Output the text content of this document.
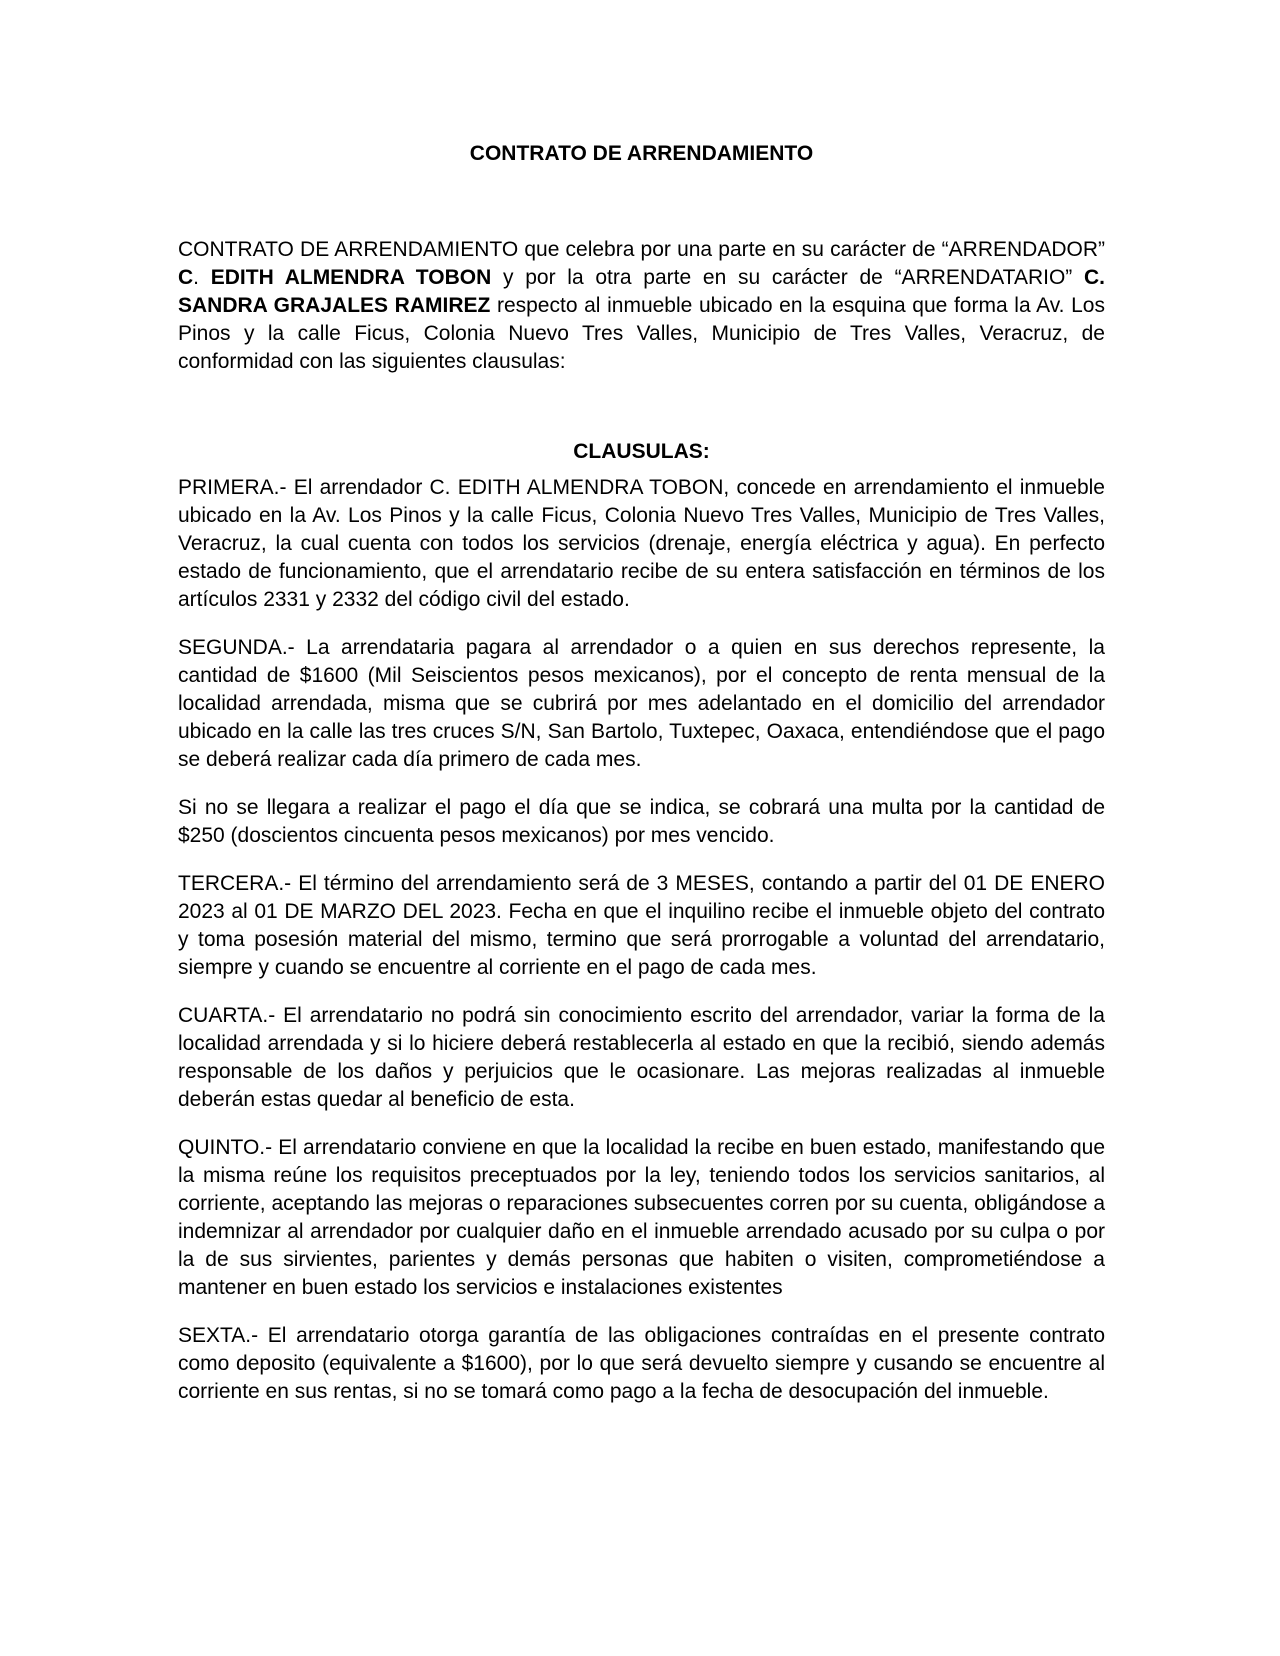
CONTRATO DE ARRENDAMIENTO

CONTRATO DE ARRENDAMIENTO que celebra por una parte en su carácter de “ARRENDADOR” C. EDITH ALMENDRA TOBON y por la otra parte en su carácter de “ARRENDATARIO” C. SANDRA GRAJALES RAMIREZ respecto al inmueble ubicado en la esquina que forma la Av. Los Pinos y la calle Ficus, Colonia Nuevo Tres Valles, Municipio de Tres Valles, Veracruz, de conformidad con las siguientes clausulas:

CLAUSULAS:

PRIMERA.- El arrendador C. EDITH ALMENDRA TOBON, concede en arrendamiento el inmueble ubicado en la Av. Los Pinos y la calle Ficus, Colonia Nuevo Tres Valles, Municipio de Tres Valles, Veracruz, la cual cuenta con todos los servicios (drenaje, energía eléctrica y agua). En perfecto estado de funcionamiento, que el arrendatario recibe de su entera satisfacción en términos de los artículos 2331 y 2332 del código civil del estado.

SEGUNDA.- La arrendataria pagara al arrendador o a quien en sus derechos represente, la cantidad de $1600 (Mil Seiscientos pesos mexicanos), por el concepto de renta mensual de la localidad arrendada, misma que se cubrirá por mes adelantado en el domicilio del arrendador ubicado en la calle las tres cruces S/N, San Bartolo, Tuxtepec, Oaxaca, entendiéndose que el pago se deberá realizar cada día primero de cada mes.

Si no se llegara a realizar el pago el día que se indica, se cobrará una multa por la cantidad de $250 (doscientos cincuenta pesos mexicanos) por mes vencido.

TERCERA.- El término del arrendamiento será de 3 MESES, contando a partir del 01 DE ENERO 2023 al 01 DE MARZO DEL 2023. Fecha en que el inquilino recibe el inmueble objeto del contrato y toma posesión material del mismo, termino que será prorrogable a voluntad del arrendatario, siempre y cuando se encuentre al corriente en el pago de cada mes.

CUARTA.- El arrendatario no podrá sin conocimiento escrito del arrendador, variar la forma de la localidad arrendada y si lo hiciere deberá restablecerla al estado en que la recibió, siendo además responsable de los daños y perjuicios que le ocasionare. Las mejoras realizadas al inmueble deberán estas quedar al beneficio de esta.

QUINTO.- El arrendatario conviene en que la localidad la recibe en buen estado, manifestando que la misma reúne los requisitos preceptuados por la ley, teniendo todos los servicios sanitarios, al corriente, aceptando las mejoras o reparaciones subsecuentes corren por su cuenta, obligándose a indemnizar al arrendador por cualquier daño en el inmueble arrendado acusado por su culpa o por la de sus sirvientes, parientes y demás personas que habiten o visiten, comprometiéndose a mantener en buen estado los servicios e instalaciones existentes

SEXTA.- El arrendatario otorga garantía de las obligaciones contraídas en el presente contrato como deposito (equivalente a $1600), por lo que será devuelto siempre y cusando se encuentre al corriente en sus rentas, si no se tomará como pago a la fecha de desocupación del inmueble.
